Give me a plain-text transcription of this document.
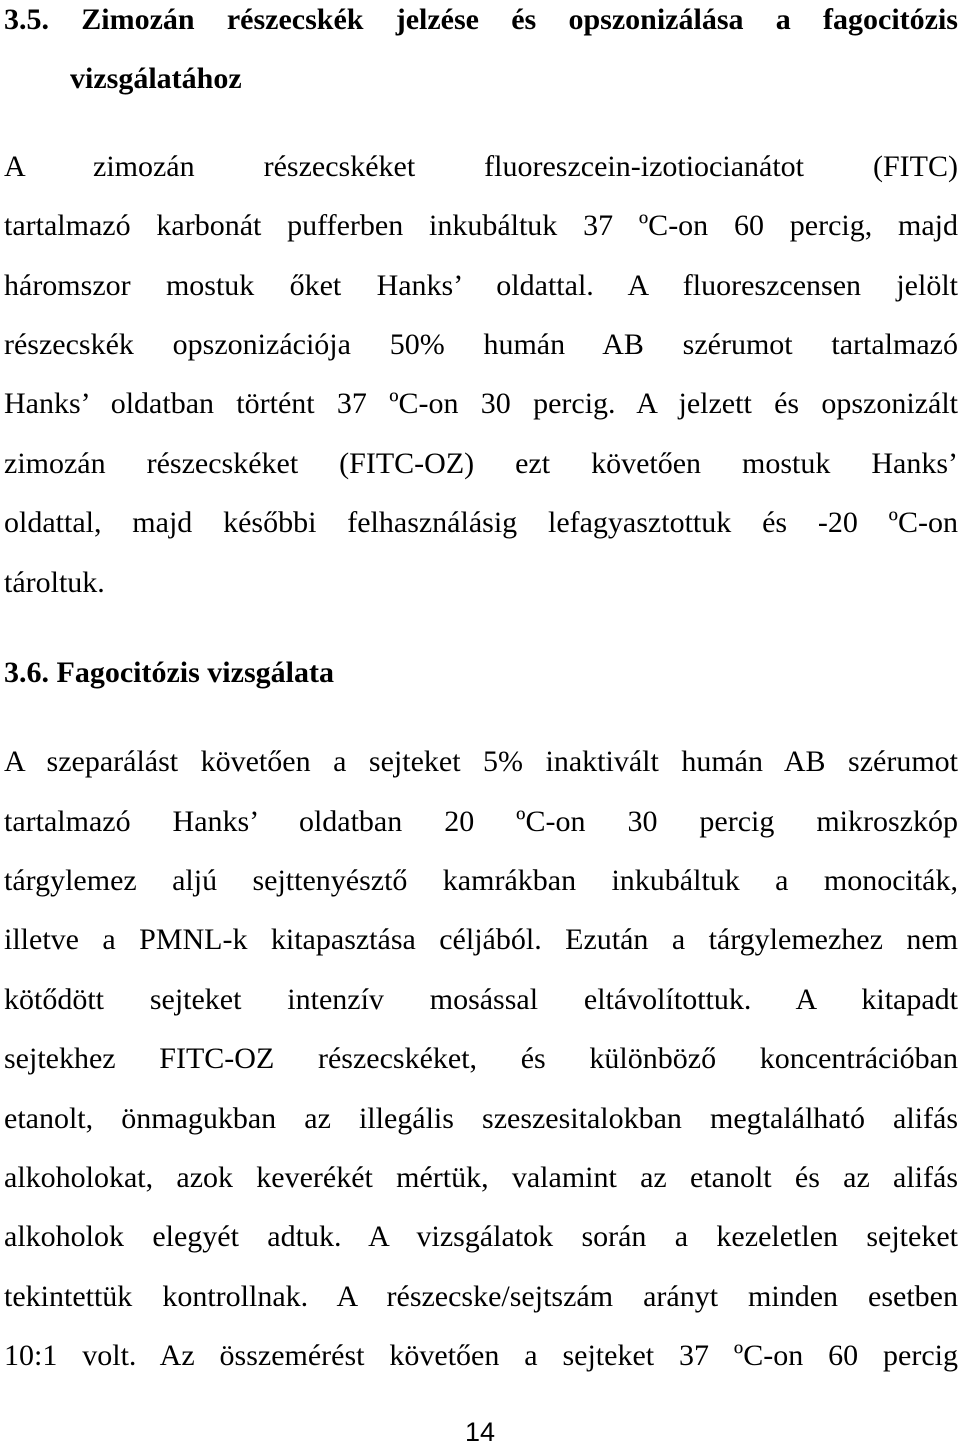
3.5. Zimozán részecskék jelzése és opszonizálása a fagocitózis
vizsgálatához
A zimozán részecskéket fluoreszcein-izotiocianátot (FITC)
tartalmazó karbonát pufferben inkubáltuk 37 ºC-on 60 percig, majd
háromszor mostuk őket Hanks’ oldattal. A fluoreszcensen jelölt
részecskék opszonizációja 50% humán AB szérumot tartalmazó
Hanks’ oldatban történt 37 ºC-on 30 percig. A jelzett és opszonizált
zimozán részecskéket (FITC-OZ) ezt követően mostuk Hanks’
oldattal, majd későbbi felhasználásig lefagyasztottuk és -20 ºC-on
tároltuk.
3.6. Fagocitózis vizsgálata
A szeparálást követően a sejteket 5% inaktivált humán AB szérumot
tartalmazó Hanks’ oldatban 20 ºC-on 30 percig mikroszkóp
tárgylemez aljú sejttenyésztő kamrákban inkubáltuk a monociták,
illetve a PMNL-k kitapasztása céljából. Ezután a tárgylemezhez nem
kötődött sejteket intenzív mosással eltávolítottuk. A kitapadt
sejtekhez FITC-OZ részecskéket, és különböző koncentrációban
etanolt, önmagukban az illegális szeszesitalokban megtalálható alifás
alkoholokat, azok keverékét mértük, valamint az etanolt és az alifás
alkoholok elegyét adtuk. A vizsgálatok során a kezeletlen sejteket
tekintettük kontrollnak. A részecske/sejtszám arányt minden esetben
10:1 volt. Az összemérést követően a sejteket 37 ºC-on 60 percig
14
